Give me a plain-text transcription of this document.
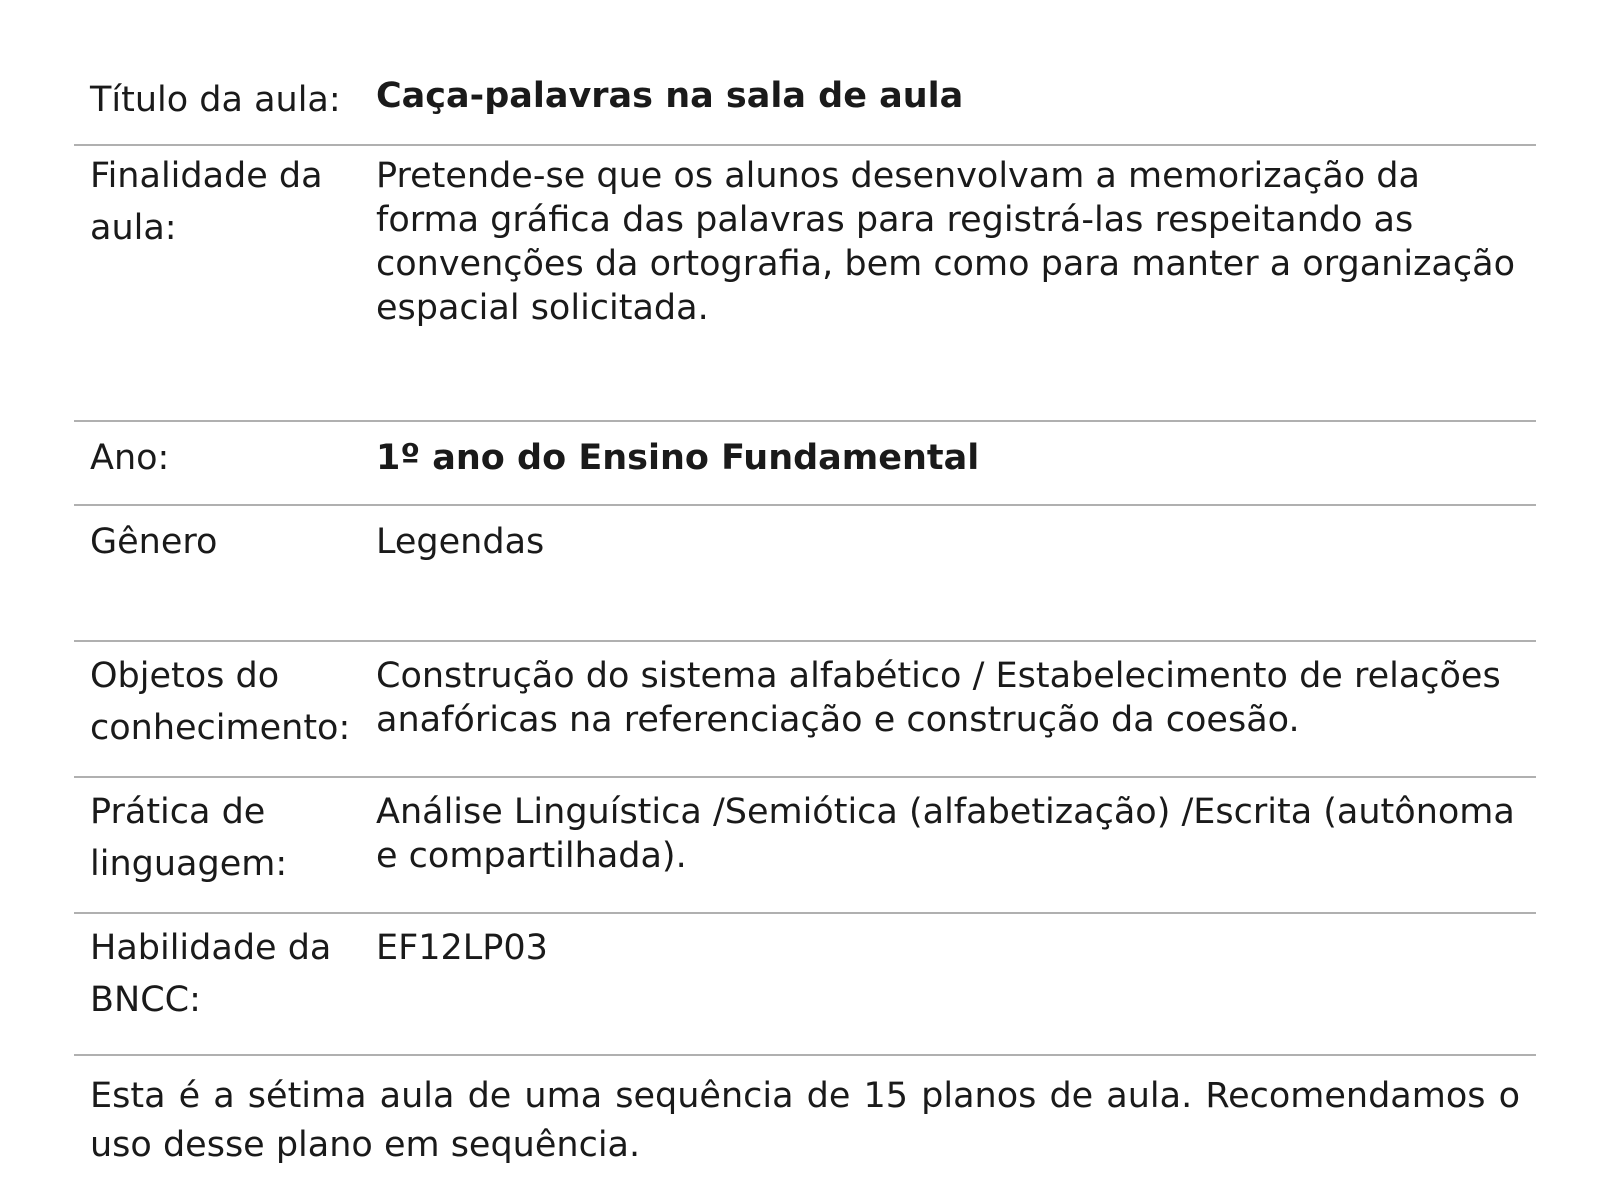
Título da aula:	Caça-palavras na sala de aula
Finalidade da aula:
Pretende-se que os alunos desenvolvam a memorização da forma gráfica das palavras para registrá-las respeitando as convenções da ortografia, bem como para manter a organização espacial solicitada.
Ano:	1º ano do Ensino Fundamental
Gênero	Legendas
Objetos do conhecimento:
Construção do sistema alfabético / Estabelecimento de relações anafóricas na referenciação e construção da coesão.
Prática de linguagem:
Análise Linguística /Semiótica (alfabetização) /Escrita (autônoma e compartilhada).
Habilidade da BNCC:
EF12LP03
Esta é a sétima aula de uma sequência de 15 planos de aula. Recomendamos o uso desse plano em sequência.
